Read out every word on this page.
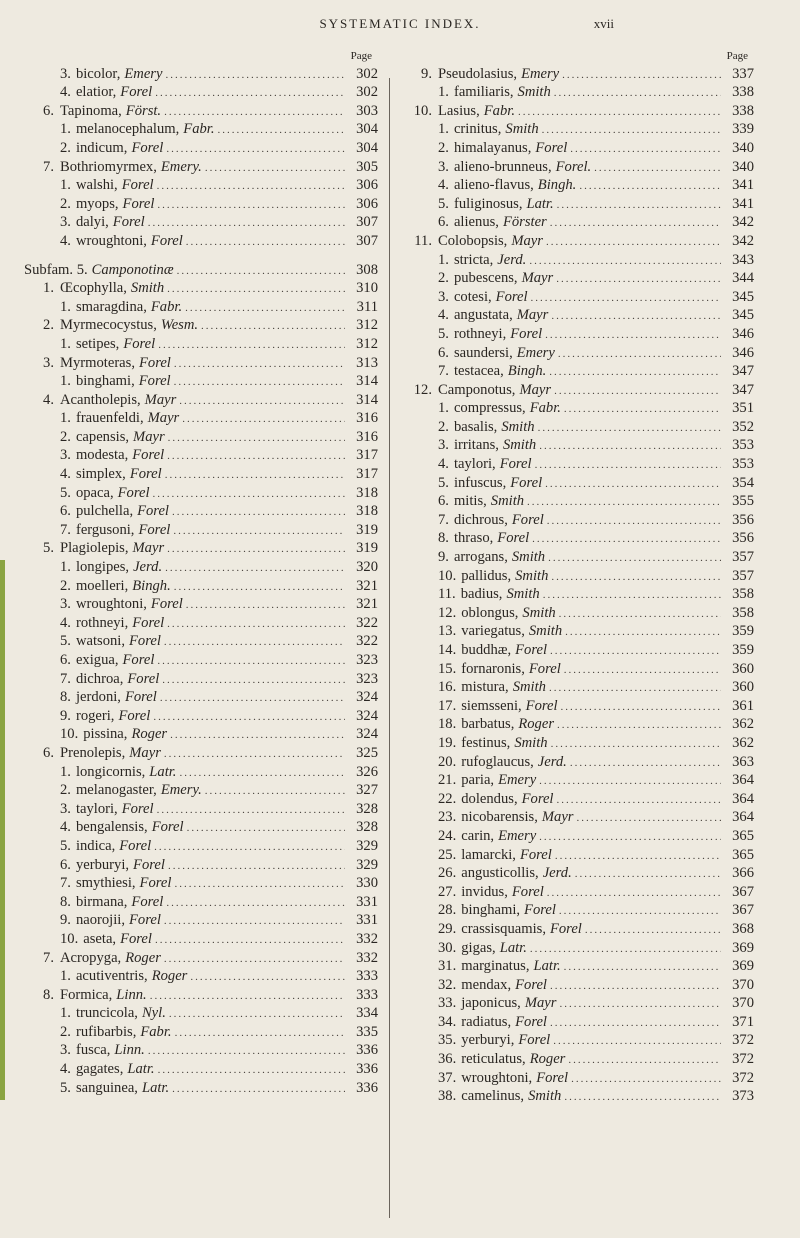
SYSTEMATIC INDEX.	xvii
Page
3. bicolor, Emery .....	302
4. elatior, Forel .....	302
6. Tapinoma, Först. .....	303
1. melanocephalum, Fabr. .....	304
2. indicum, Forel .....	304
7. Bothriomyrmex, Emery. .....	305
1. walshi, Forel .....	306
2. myops, Forel .....	306
3. dalyi, Forel .....	307
4. wroughtoni, Forel .....	307
Subfam. 5. Camponotinæ .....	308
1. Œcophylla, Smith .....	310
1. smaragdina, Fabr. .....	311
2. Myrmecocystus, Wesm. .....	312
1. setipes, Forel .....	312
3. Myrmoteras, Forel .....	313
1. binghami, Forel .....	314
4. Acantholepis, Mayr .....	314
1. frauenfeldi, Mayr .....	316
2. capensis, Mayr .....	316
3. modesta, Forel .....	317
4. simplex, Forel .....	317
5. opaca, Forel .....	318
6. pulchella, Forel .....	318
7. fergusoni, Forel .....	319
5. Plagiolepis, Mayr .....	319
1. longipes, Jerd. .....	320
2. moelleri, Bingh. .....	321
3. wroughtoni, Forel .....	321
4. rothneyi, Forel .....	322
5. watsoni, Forel .....	322
6. exigua, Forel .....	323
7. dichroa, Forel .....	323
8. jerdoni, Forel .....	324
9. rogeri, Forel .....	324
10. pissina, Roger .....	324
6. Prenolepis, Mayr .....	325
1. longicornis, Latr. .....	326
2. melanogaster, Emery. .....	327
3. taylori, Forel .....	328
4. bengalensis, Forel .....	328
5. indica, Forel .....	329
6. yerburyi, Forel .....	329
7. smythiesi, Forel .....	330
8. birmana, Forel .....	331
9. naorojii, Forel .....	331
10. aseta, Forel .....	332
7. Acropyga, Roger .....	332
1. acutiventris, Roger .....	333
8. Formica, Linn. .....	333
1. truncicola, Nyl. .....	334
2. rufibarbis, Fabr. .....	335
3. fusca, Linn. .....	336
4. gagates, Latr. .....	336
5. sanguinea, Latr. .....	336
Page
9. Pseudolasius, Emery .....	337
1. familiaris, Smith .....	338
10. Lasius, Fabr. .....	338
1. crinitus, Smith .....	339
2. himalayanus, Forel .....	340
3. alieno-brunneus, Forel. .....	340
4. alieno-flavus, Bingh. .....	341
5. fuliginosus, Latr. .....	341
6. alienus, Förster .....	342
11. Colobopsis, Mayr .....	342
1. stricta, Jerd. .....	343
2. pubescens, Mayr .....	344
3. cotesi, Forel .....	345
4. angustata, Mayr .....	345
5. rothneyi, Forel .....	346
6. saundersi, Emery .....	346
7. testacea, Bingh. .....	347
12. Camponotus, Mayr .....	347
1. compressus, Fabr. .....	351
2. basalis, Smith .....	352
3. irritans, Smith .....	353
4. taylori, Forel .....	353
5. infuscus, Forel .....	354
6. mitis, Smith .....	355
7. dichrous, Forel .....	356
8. thraso, Forel .....	356
9. arrogans, Smith .....	357
10. pallidus, Smith .....	357
11. badius, Smith .....	358
12. oblongus, Smith .....	358
13. variegatus, Smith .....	359
14. buddhæ, Forel .....	359
15. fornaronis, Forel .....	360
16. mistura, Smith .....	360
17. siemsseni, Forel .....	361
18. barbatus, Roger .....	362
19. festinus, Smith .....	362
20. rufoglaucus, Jerd. .....	363
21. paria, Emery .....	364
22. dolendus, Forel .....	364
23. nicobarensis, Mayr .....	364
24. carin, Emery .....	365
25. lamarcki, Forel .....	365
26. angusticollis, Jerd. .....	366
27. invidus, Forel .....	367
28. binghami, Forel .....	367
29. crassisquamis, Forel .....	368
30. gigas, Latr. .....	369
31. marginatus, Latr. .....	369
32. mendax, Forel .....	370
33. japonicus, Mayr .....	370
34. radiatus, Forel .....	371
35. yerburyi, Forel .....	372
36. reticulatus, Roger .....	372
37. wroughtoni, Forel .....	372
38. camelinus, Smith .....	373
